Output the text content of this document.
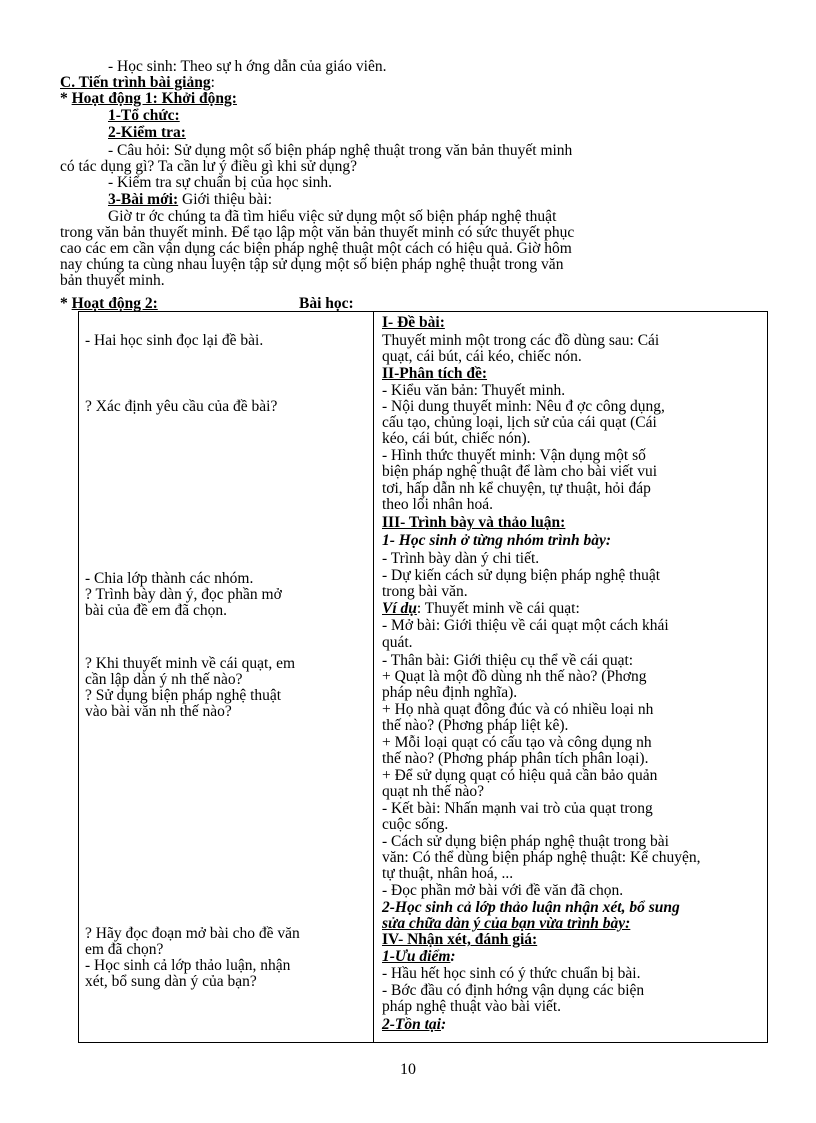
- Học sinh: Theo sự h ớng dẫn của giáo viên.
C. Tiến trình bài giảng:
* Hoạt động 1: Khởi động:
1-Tổ chức:
2-Kiểm tra:
- Câu hỏi: Sử dụng một số biện pháp nghệ thuật trong văn bản thuyết minh
có tác dụng gì? Ta cần lư ý điều gì khi sử dụng?
- Kiểm tra sự chuẩn bị của học sinh.
3-Bài mới: Giới thiệu bài:
Giờ tr ớc chúng ta đã tìm hiểu việc sử dụng một số biện pháp nghệ thuật
trong văn bản thuyết minh. Để tạo lập một văn bản thuyết minh có sức thuyết phục
cao các em cần vận dụng các biện pháp nghệ thuật một cách có hiệu quả. Giờ hôm
nay chúng ta cùng nhau luyện tập sử dụng một số biện pháp nghệ thuật trong văn
bản thuyết minh.
* Hoạt động 2:	Bài học:
- Hai học sinh đọc lại đề bài.
? Xác định yêu cầu của đề bài?
- Chia lớp thành các nhóm.
? Trình bày dàn ý, đọc phần mở
bài của đề em đã chọn.
? Khi thuyết minh về cái quạt, em
cần lập dàn ý nh thế nào?
? Sử dụng biện pháp nghệ thuật
vào bài văn nh thế nào?
? Hãy đọc đoạn mở bài cho đề văn
em đã chọn?
- Học sinh cả lớp thảo luận, nhận
xét, bổ sung dàn ý của bạn?
I- Đề bài:
Thuyết minh một trong các đồ dùng sau: Cái
quạt, cái bút, cái kéo, chiếc nón.
II-Phân tích đề:
- Kiểu văn bản: Thuyết minh.
- Nội dung thuyết minh: Nêu đ ợc công dụng,
cấu tạo, chủng loại, lịch sử của cái quạt (Cái
kéo, cái bút, chiếc nón).
- Hình thức thuyết minh: Vận dụng một số
biện pháp nghệ thuật để làm cho bài viết vui
tơi, hấp dẫn nh kể chuyện, tự thuật, hỏi đáp
theo lối nhân hoá.
III- Trình bày và thảo luận:
1- Học sinh ở từng nhóm trình bày:
- Trình bày dàn ý chi tiết.
- Dự kiến cách sử dụng biện pháp nghệ thuật
trong bài văn.
Ví dụ: Thuyết minh về cái quạt:
- Mở bài: Giới thiệu về cái quạt một cách khái
quát.
- Thân bài: Giới thiệu cụ thể về cái quạt:
+ Quạt là một đồ dùng nh thế nào? (Phơng
pháp nêu định nghĩa).
+ Họ nhà quạt đông đúc và có nhiều loại nh
thế nào? (Phơng pháp liệt kê).
+ Mỗi loại quạt có cấu tạo và công dụng nh
thế nào? (Phơng pháp phân tích phân loại).
+ Để sử dụng quạt có hiệu quả cần bảo quản
quạt nh thế nào?
- Kết bài: Nhấn mạnh vai trò của quạt trong
cuộc sống.
- Cách sử dụng biện pháp nghệ thuật trong bài
văn: Có thể dùng biện pháp nghệ thuật: Kể chuyện,
tự thuật, nhân hoá, ...
- Đọc phần mở bài với đề văn đã chọn.
2-Học sinh cả lớp thảo luận nhận xét, bổ sung
sửa chữa dàn ý của bạn vừa trình bày:
IV- Nhận xét, đánh giá:
1-Ưu điểm:
- Hầu hết học sinh có ý thức chuẩn bị bài.
- Bớc đầu có định hớng vận dụng các biện
pháp nghệ thuật vào bài viết.
2-Tồn tại:
10
